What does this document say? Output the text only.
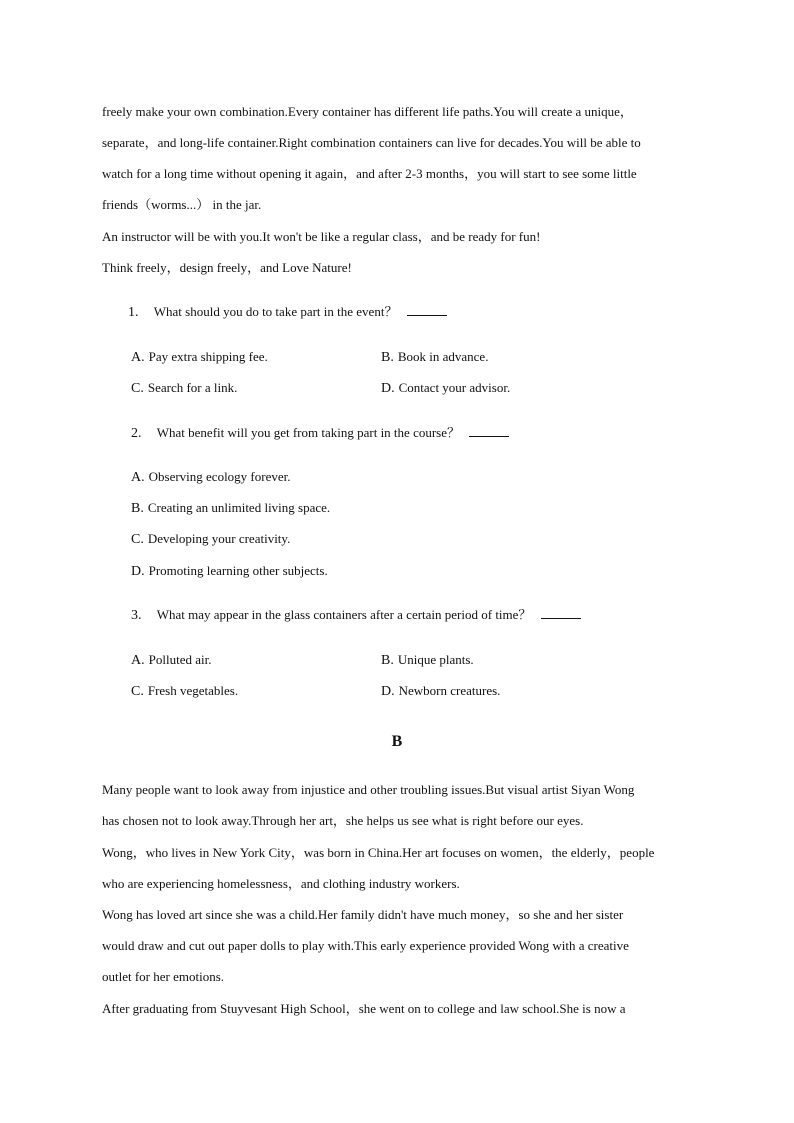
freely make your own combination.Every container has different life paths.You will create a unique，
separate，and long-life container.Right combination containers can live for decades.You will be able to
watch for a long time without opening it again，and after 2-3 months，you will start to see some little
friends（worms...） in the jar.
An instructor will be with you.It won't be like a regular class，and be ready for fun!
Think freely，design freely，and Love Nature!
1. What should you do to take part in the event？
A. Pay extra shipping fee.	B. Book in advance.
C. Search for a link.	D. Contact your advisor.
2. What benefit will you get from taking part in the course？
A. Observing ecology forever.
B. Creating an unlimited living space.
C. Developing your creativity.
D. Promoting learning other subjects.
3. What may appear in the glass containers after a certain period of time？
A. Polluted air.	B. Unique plants.
C. Fresh vegetables.	D. Newborn creatures.
B
Many people want to look away from injustice and other troubling issues.But visual artist Siyan Wong
has chosen not to look away.Through her art，she helps us see what is right before our eyes.
Wong，who lives in New York City，was born in China.Her art focuses on women，the elderly，people
who are experiencing homelessness，and clothing industry workers.
Wong has loved art since she was a child.Her family didn't have much money，so she and her sister
would draw and cut out paper dolls to play with.This early experience provided Wong with a creative
outlet for her emotions.
After graduating from Stuyvesant High School，she went on to college and law school.She is now a
